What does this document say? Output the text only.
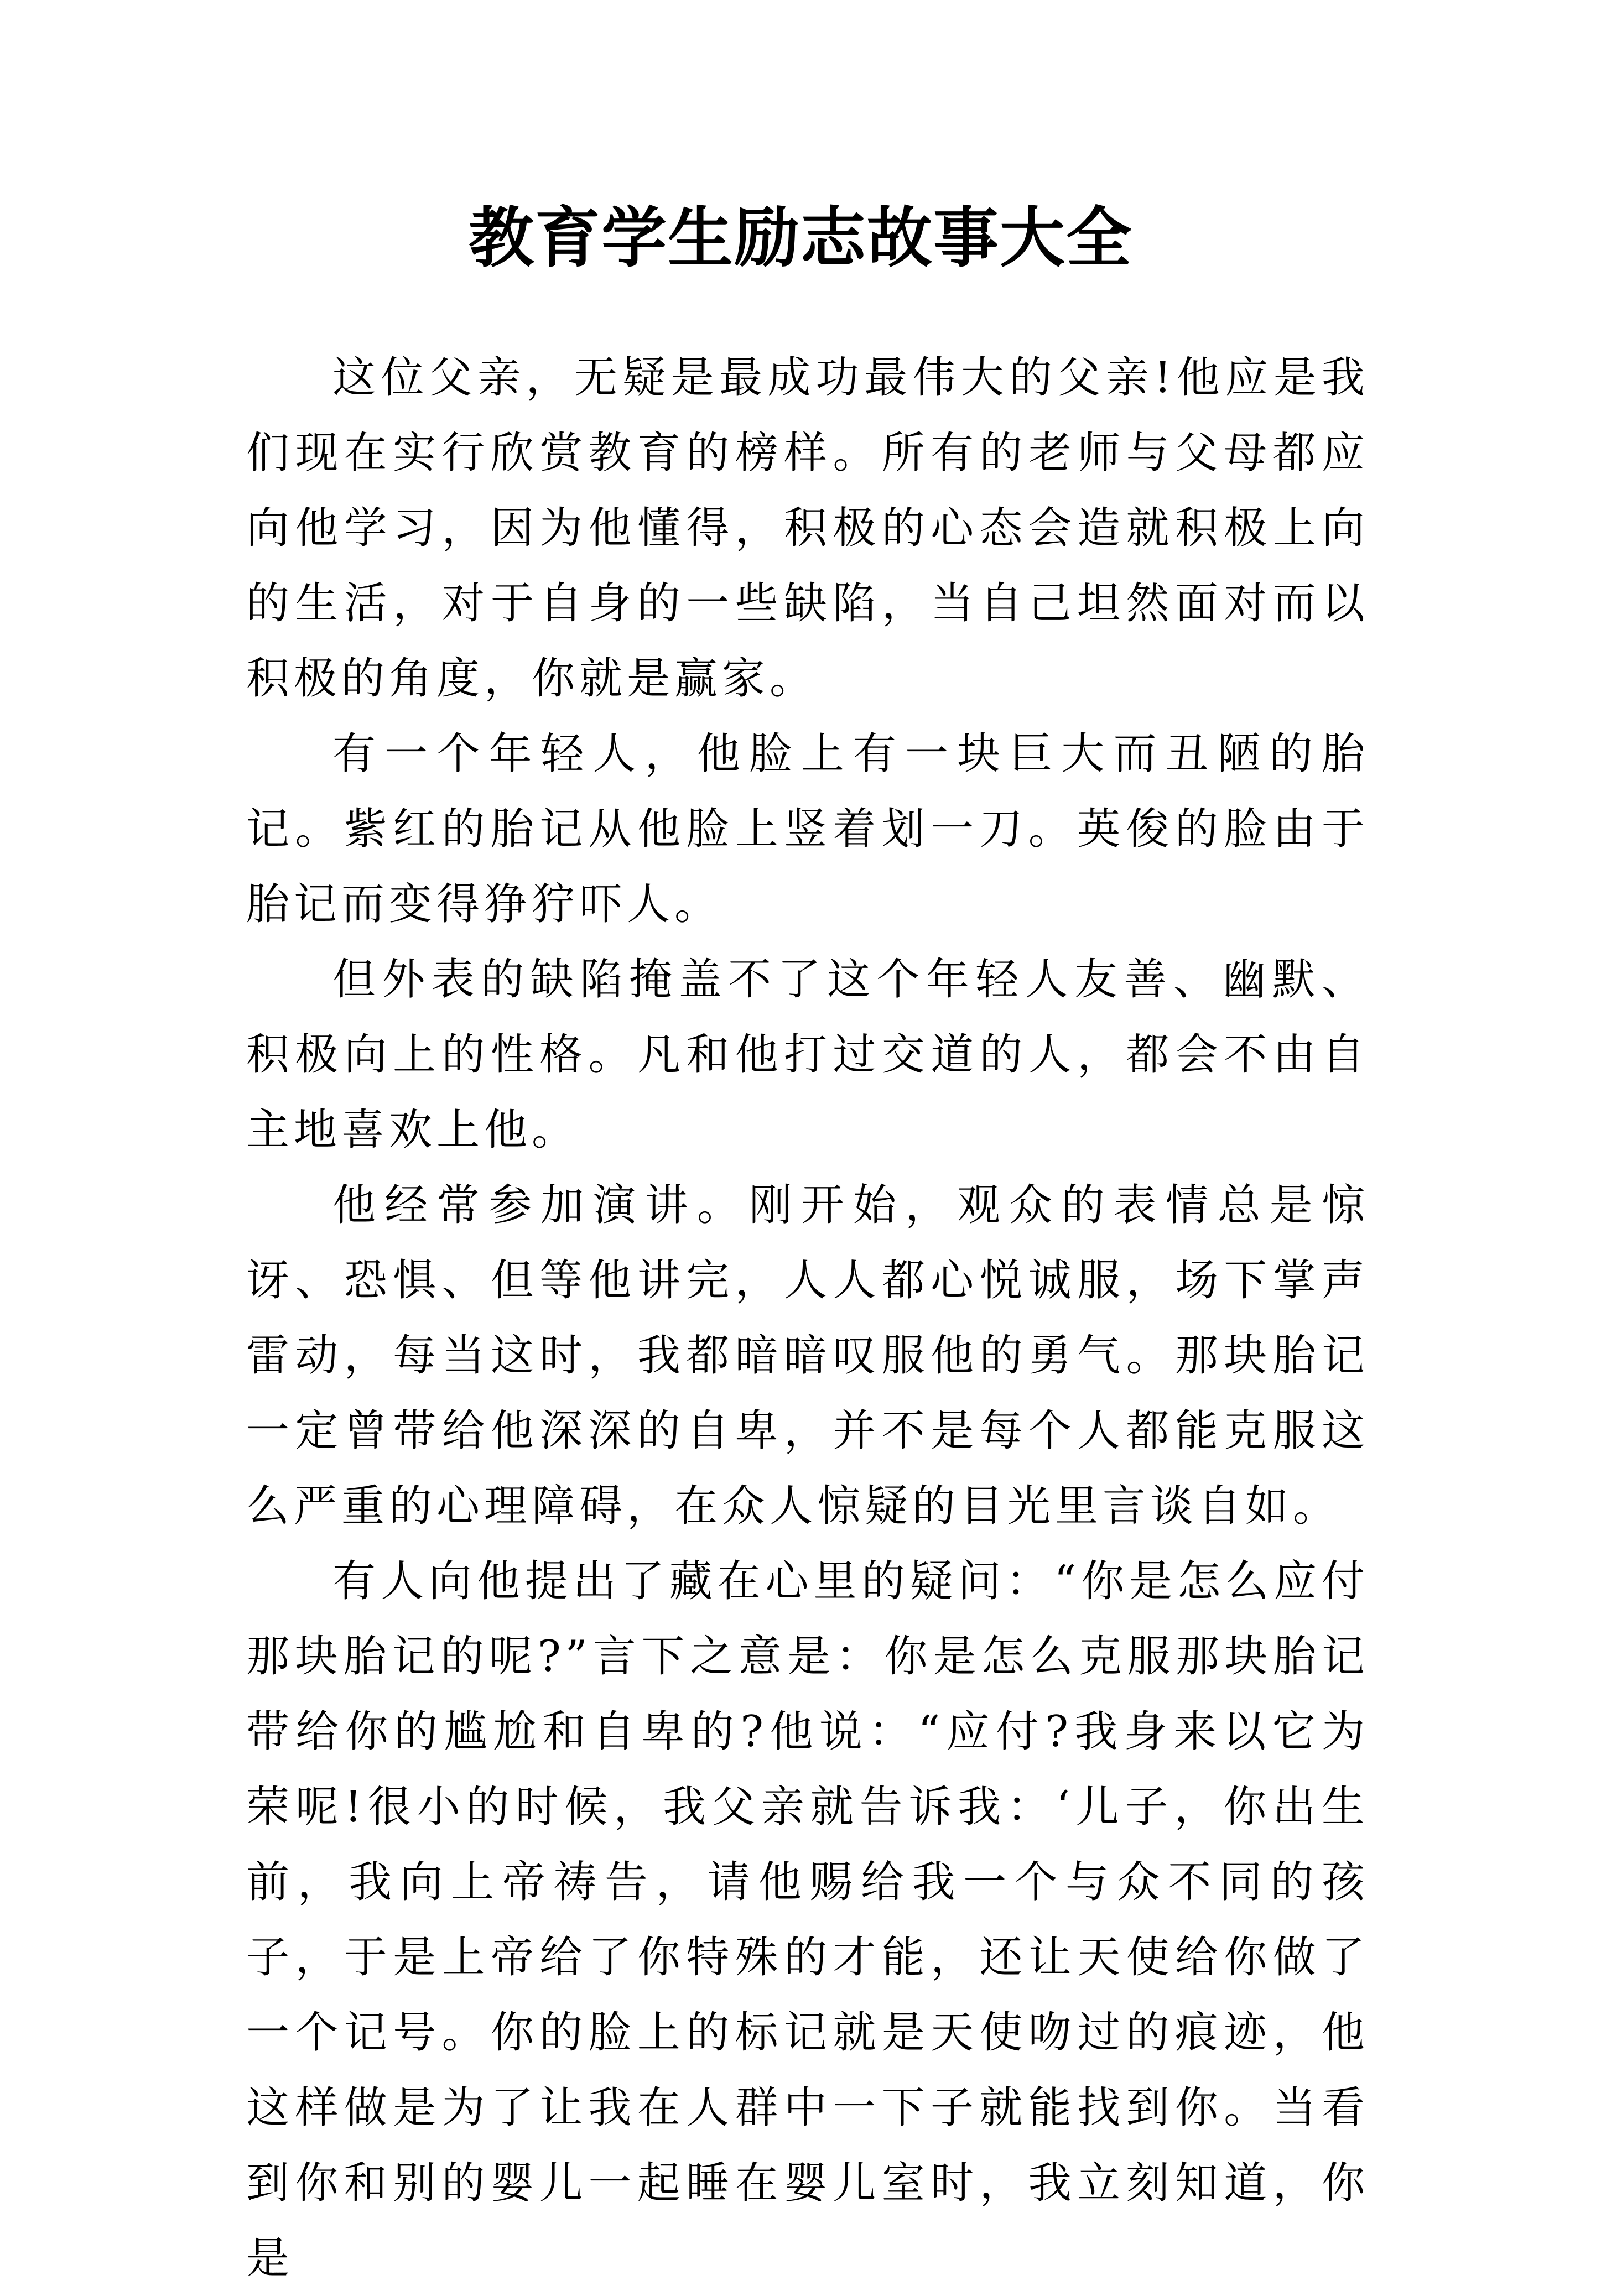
教育学生励志故事大全

这位父亲，无疑是最成功最伟大的父亲!他应是我们现在实行欣赏教育的榜样。所有的老师与父母都应向他学习，因为他懂得，积极的心态会造就积极上向的生活，对于自身的一些缺陷，当自己坦然面对而以积极的角度，你就是赢家。

有一个年轻人，他脸上有一块巨大而丑陋的胎记。紫红的胎记从他脸上竖着划一刀。英俊的脸由于胎记而变得狰狞吓人。

但外表的缺陷掩盖不了这个年轻人友善、幽默、积极向上的性格。凡和他打过交道的人，都会不由自主地喜欢上他。

他经常参加演讲。刚开始，观众的表情总是惊讶、恐惧、但等他讲完，人人都心悦诚服，场下掌声雷动，每当这时，我都暗暗叹服他的勇气。那块胎记一定曾带给他深深的自卑，并不是每个人都能克服这么严重的心理障碍，在众人惊疑的目光里言谈自如。

有人向他提出了藏在心里的疑问：“你是怎么应付那块胎记的呢?”言下之意是：你是怎么克服那块胎记带给你的尴尬和自卑的?他说：“应付?我身来以它为荣呢!很小的时候，我父亲就告诉我：‘儿子，你出生前，我向上帝祷告，请他赐给我一个与众不同的孩子，于是上帝给了你特殊的才能，还让天使给你做了一个记号。你的脸上的标记就是天使吻过的痕迹，他这样做是为了让我在人群中一下子就能找到你。当看到你和别的婴儿一起睡在婴儿室时，我立刻知道，你是
